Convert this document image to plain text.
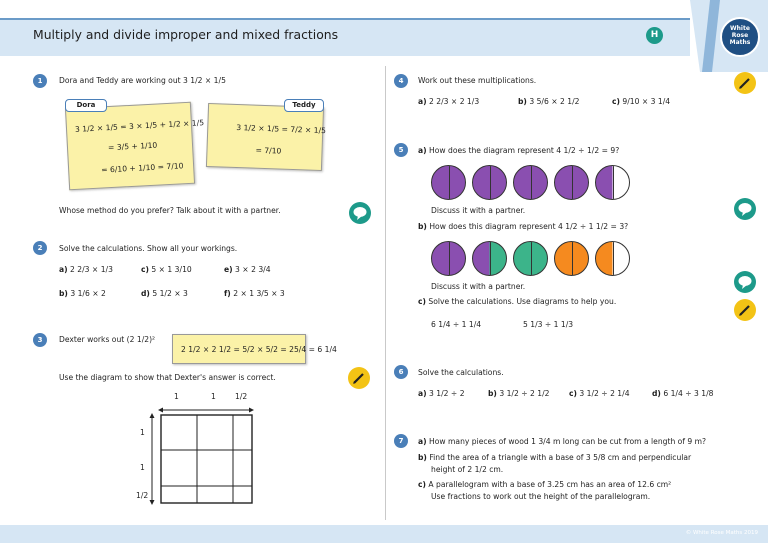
Multiply and divide improper and mixed fractions	H
White
Rose
Maths
1	Dora and Teddy are working out 3 1/2 × 1/5
3 1/2 × 1/5 = 3 × 1/5 + 1/2 × 1/5
= 3/5 + 1/10
= 6/10 + 1/10 = 7/10
Dora
3 1/2 × 1/5 = 7/2 × 1/5
= 7/10
Teddy
Whose method do you prefer? Talk about it with a partner.
2	Solve the calculations. Show all your workings.
a) 2 2/3 × 1/3	c) 5 × 1 3/10	e) 3 × 2 3/4
b) 3 1/6 × 2	d) 5 1/2 × 3	f) 2 × 1 3/5 × 3
3	Dexter works out (2 1/2)²
2 1/2 × 2 1/2 = 5/2 × 5/2 = 25/4 = 6 1/4
Use the diagram to show that Dexter's answer is correct.
1	1	1/2
1
1
1/2
4	Work out these multiplications.
a) 2 2/3 × 2 1/3	b) 3 5/6 × 2 1/2	c) 9/10 × 3 1/4
5	a) How does the diagram represent 4 1/2 ÷ 1/2 = 9?
Discuss it with a partner.
b) How does this diagram represent 4 1/2 ÷ 1 1/2 = 3?
Discuss it with a partner.
c) Solve the calculations. Use diagrams to help you.
6 1/4 ÷ 1 1/4	5 1/3 ÷ 1 1/3
6	Solve the calculations.
a) 3 1/2 ÷ 2	b) 3 1/2 ÷ 2 1/2	c) 3 1/2 ÷ 2 1/4	d) 6 1/4 ÷ 3 1/8
7	a) How many pieces of wood 1 3/4 m long can be cut from a length of 9 m?
b) Find the area of a triangle with a base of 3 5/8 cm and perpendicular
height of 2 1/2 cm.
c) A parallelogram with a base of 3.25 cm has an area of 12.6 cm²
Use fractions to work out the height of the parallelogram.
© White Rose Maths 2019
